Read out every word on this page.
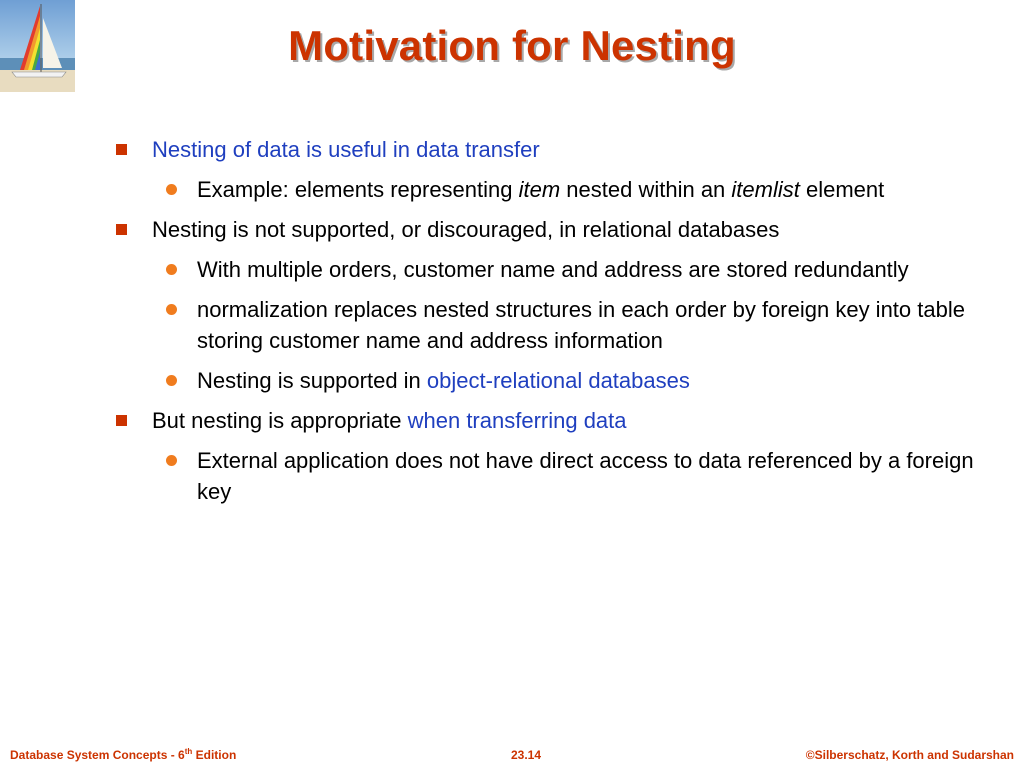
Motivation for Nesting
Nesting of data is useful in data transfer
Example: elements representing item nested within an itemlist element
Nesting is not supported, or discouraged, in relational databases
With multiple orders, customer name and address are stored redundantly
normalization replaces nested structures in each order by foreign key into table storing customer name and address information
Nesting is supported in object-relational databases
But nesting is appropriate when transferring data
External application does not have direct access to data referenced by a foreign key
Database System Concepts - 6th Edition	23.14	©Silberschatz, Korth and Sudarshan
